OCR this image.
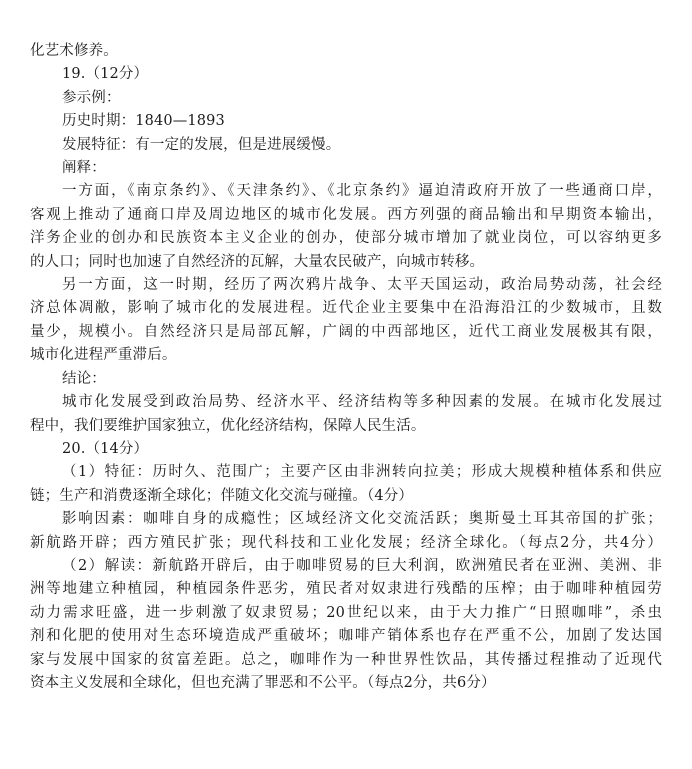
化艺术修养。
19.（12分）
参示例：
历史时期：1840—1893
发展特征：有一定的发展，但是进展缓慢。
阐释：
一方面，《南京条约》、《天津条约》、《北京条约》逼迫清政府开放了一些通商口岸，
客观上推动了通商口岸及周边地区的城市化发展。西方列强的商品输出和早期资本输出，
洋务企业的创办和民族资本主义企业的创办，使部分城市增加了就业岗位，可以容纳更多
的人口；同时也加速了自然经济的瓦解，大量农民破产，向城市转移。
另一方面，这一时期，经历了两次鸦片战争、太平天国运动，政治局势动荡，社会经
济总体凋敝，影响了城市化的发展进程。近代企业主要集中在沿海沿江的少数城市，且数
量少，规模小。自然经济只是局部瓦解，广阔的中西部地区，近代工商业发展极其有限，
城市化进程严重滞后。
结论：
城市化发展受到政治局势、经济水平、经济结构等多种因素的发展。在城市化发展过
程中，我们要维护国家独立，优化经济结构，保障人民生活。
20.（14分）
（1）特征：历时久、范围广；主要产区由非洲转向拉美；形成大规模种植体系和供应
链；生产和消费逐渐全球化；伴随文化交流与碰撞。（4分）
影响因素：咖啡自身的成瘾性；区域经济文化交流活跃；奥斯曼土耳其帝国的扩张；
新航路开辟；西方殖民扩张；现代科技和工业化发展；经济全球化。（每点2分，共4分）
（2）解读：新航路开辟后，由于咖啡贸易的巨大利润，欧洲殖民者在亚洲、美洲、非
洲等地建立种植园，种植园条件恶劣，殖民者对奴隶进行残酷的压榨；由于咖啡种植园劳
动力需求旺盛，进一步刺激了奴隶贸易；20世纪以来，由于大力推广“日照咖啡”，杀虫
剂和化肥的使用对生态环境造成严重破坏；咖啡产销体系也存在严重不公，加剧了发达国
家与发展中国家的贫富差距。总之，咖啡作为一种世界性饮品，其传播过程推动了近现代
资本主义发展和全球化，但也充满了罪恶和不公平。（每点2分，共6分）
